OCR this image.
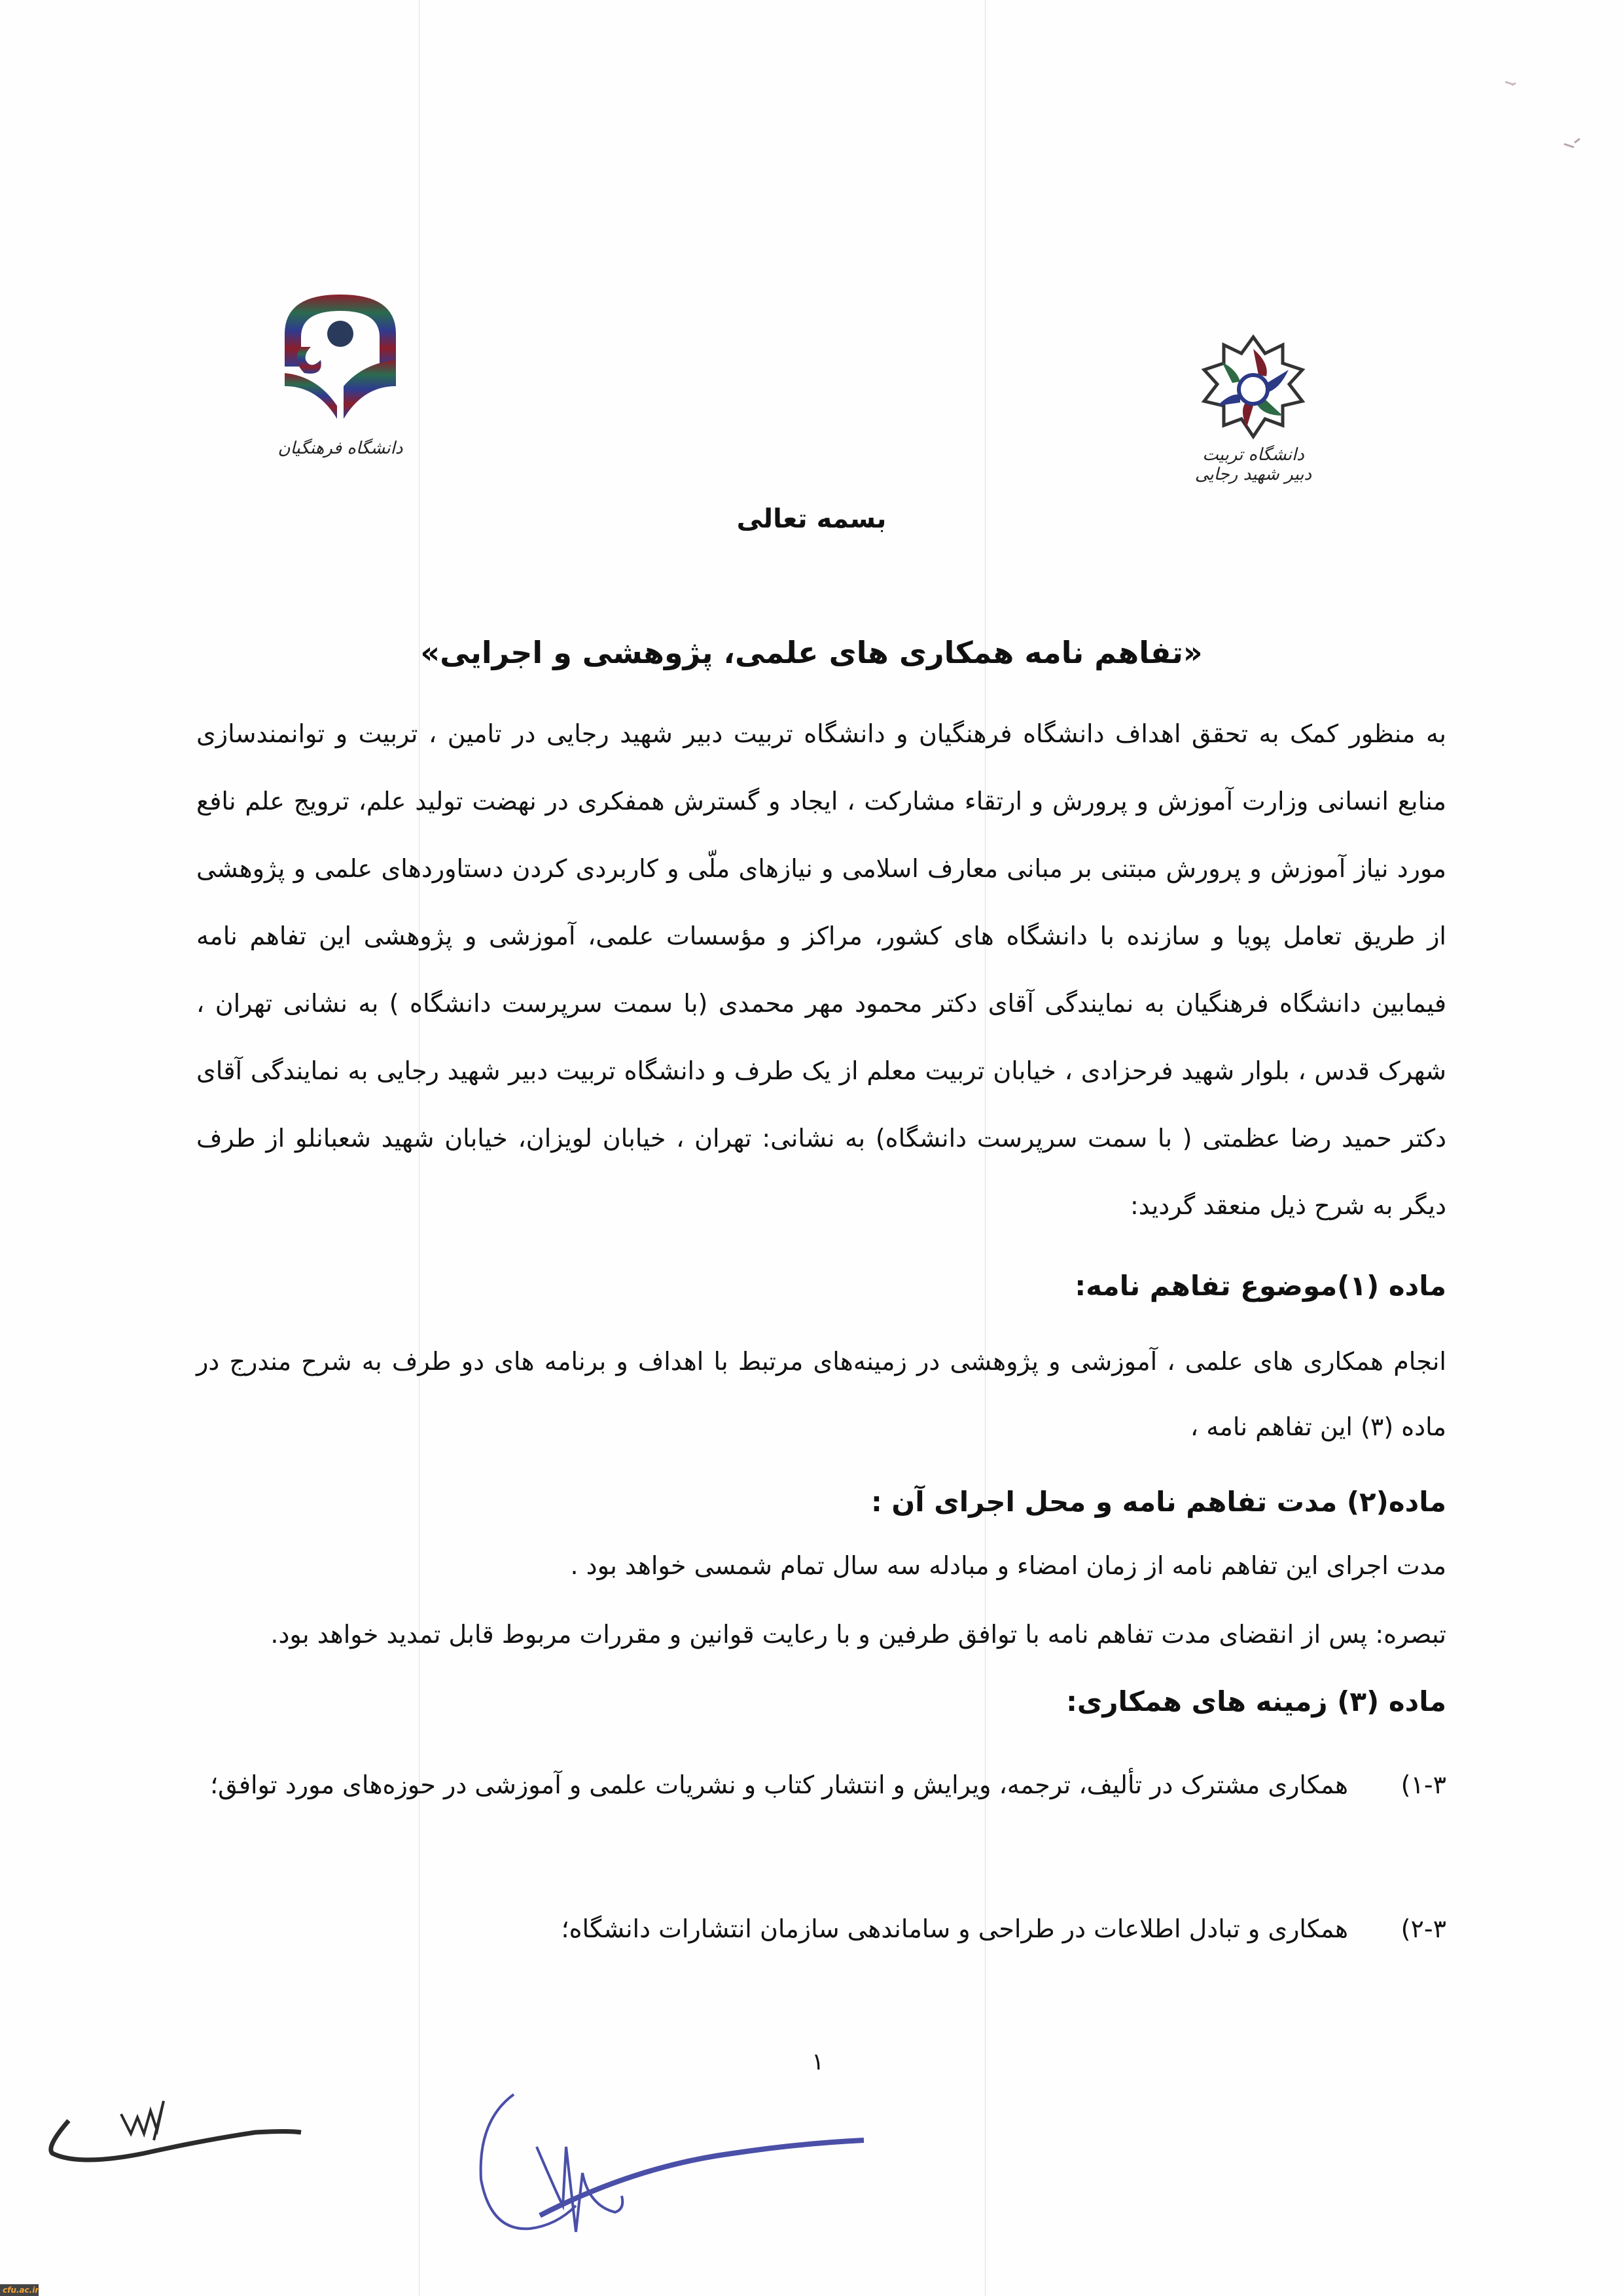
دانشگاه فرهنگیان	دانشگاه تربیت دبیر شهید رجایی
بسمه تعالی
«تفاهم نامه همکاری های علمی، پژوهشی و اجرایی»
به منظور کمک به تحقق اهداف دانشگاه فرهنگیان و دانشگاه تربیت دبیر شهید رجایی در تامین ، تربیت و توانمندسازی منابع انسانی وزارت آموزش و پرورش و ارتقاء مشارکت ، ایجاد و گسترش همفکری در نهضت تولید علم، ترویج علم نافع مورد نیاز آموزش و پرورش مبتنی بر مبانی معارف اسلامی و نیازهای ملّی و کاربردی کردن دستاوردهای علمی و پژوهشی از طریق تعامل پویا و سازنده با دانشگاه های کشور، مراکز و مؤسسات علمی، آموزشی و پژوهشی این تفاهم نامه فیمابین دانشگاه فرهنگیان به نمایندگی آقای دکتر محمود مهر محمدی (با سمت سرپرست دانشگاه ) به نشانی تهران ، شهرک قدس ، بلوار شهید فرحزادی ، خیابان تربیت معلم از یک طرف و دانشگاه تربیت دبیر شهید رجایی به نمایندگی آقای دکتر حمید رضا عظمتی ( با سمت سرپرست دانشگاه) به نشانی: تهران ، خیابان لویزان، خیابان شهید شعبانلو از طرف دیگر به شرح ذیل منعقد گردید:
ماده (۱)موضوع تفاهم نامه:
انجام همکاری های علمی ، آموزشی و پژوهشی در زمینه‌های مرتبط با اهداف و برنامه های دو طرف به شرح مندرج در ماده (۳) این تفاهم نامه ،
ماده(۲) مدت تفاهم نامه و محل اجرای آن :
مدت اجرای این تفاهم نامه از زمان امضاء و مبادله سه سال تمام شمسی خواهد بود .
تبصره: پس از انقضای مدت تفاهم نامه با توافق طرفین و با رعایت قوانین و مقررات مربوط قابل تمدید خواهد بود.
ماده (۳) زمینه های همکاری:
۱-۳)همکاری مشترک در تألیف، ترجمه، ویرایش و انتشار کتاب و نشریات علمی و آموزشی در حوزه‌های مورد توافق؛
۲-۳)همکاری و تبادل اطلاعات در طراحی و ساماندهی سازمان انتشارات دانشگاه؛
۱
cfu.ac.ir
